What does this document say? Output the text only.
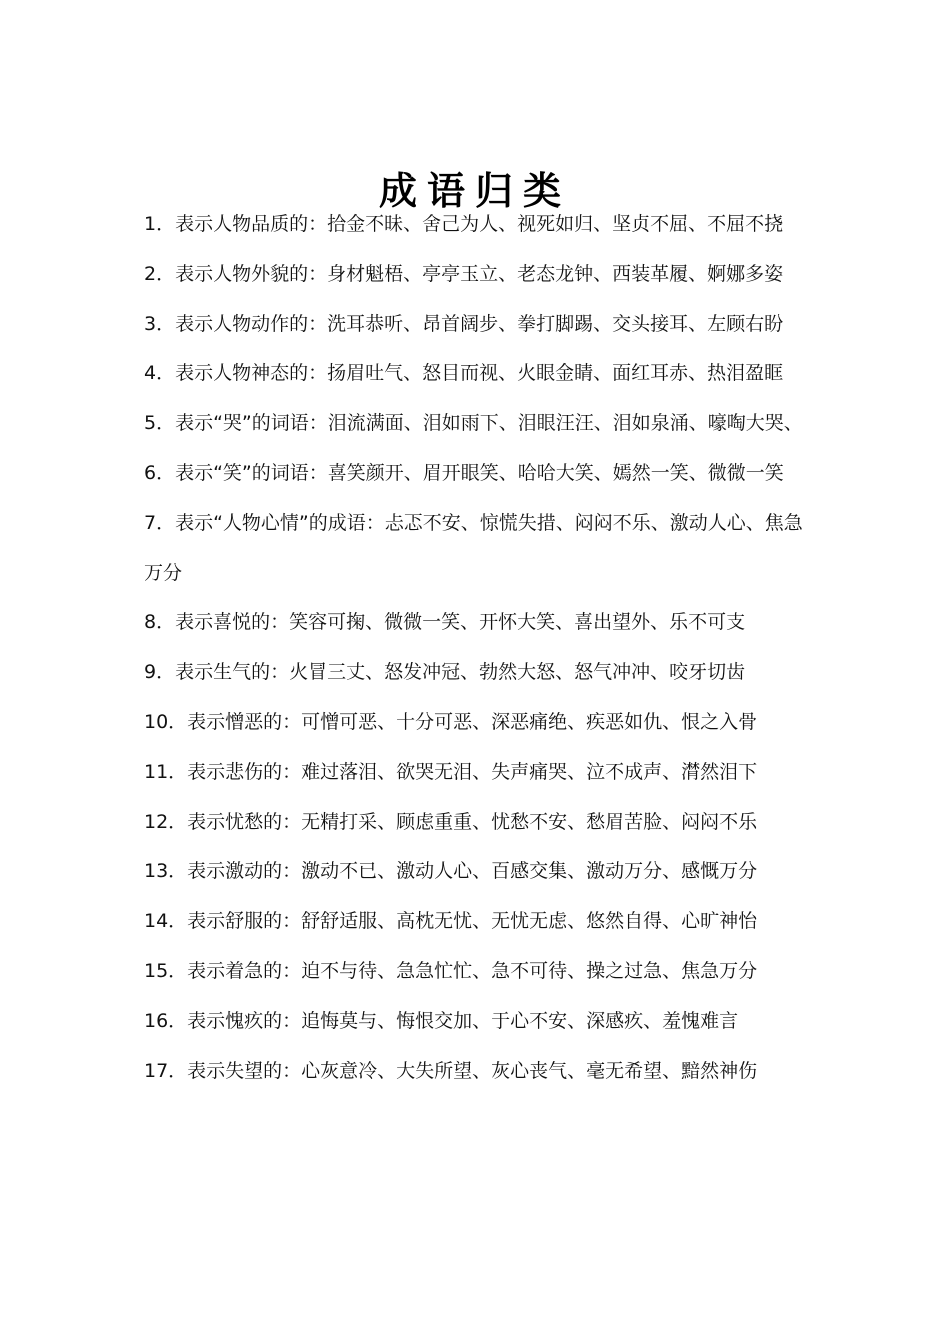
成语归类

1．表示人物品质的：拾金不昧、舍己为人、视死如归、坚贞不屈、不屈不挠

2．表示人物外貌的：身材魁梧、亭亭玉立、老态龙钟、西装革履、婀娜多姿

3．表示人物动作的：洗耳恭听、昂首阔步、拳打脚踢、交头接耳、左顾右盼

4．表示人物神态的：扬眉吐气、怒目而视、火眼金睛、面红耳赤、热泪盈眶

5．表示“哭”的词语：泪流满面、泪如雨下、泪眼汪汪、泪如泉涌、嚎啕大哭、

6．表示“笑”的词语：喜笑颜开、眉开眼笑、哈哈大笑、嫣然一笑、微微一笑

7．表示“人物心情”的成语：忐忑不安、惊慌失措、闷闷不乐、激动人心、焦急万分

8．表示喜悦的：笑容可掬、微微一笑、开怀大笑、喜出望外、乐不可支

9．表示生气的：火冒三丈、怒发冲冠、勃然大怒、怒气冲冲、咬牙切齿

10．表示憎恶的：可憎可恶、十分可恶、深恶痛绝、疾恶如仇、恨之入骨

11．表示悲伤的：难过落泪、欲哭无泪、失声痛哭、泣不成声、潸然泪下

12．表示忧愁的：无精打采、顾虑重重、忧愁不安、愁眉苦脸、闷闷不乐

13．表示激动的：激动不已、激动人心、百感交集、激动万分、感慨万分

14．表示舒服的：舒舒适服、高枕无忧、无忧无虑、悠然自得、心旷神怡

15．表示着急的：迫不与待、急急忙忙、急不可待、操之过急、焦急万分

16．表示愧疚的：追悔莫与、悔恨交加、于心不安、深感疚、羞愧难言

17．表示失望的：心灰意冷、大失所望、灰心丧气、毫无希望、黯然神伤
